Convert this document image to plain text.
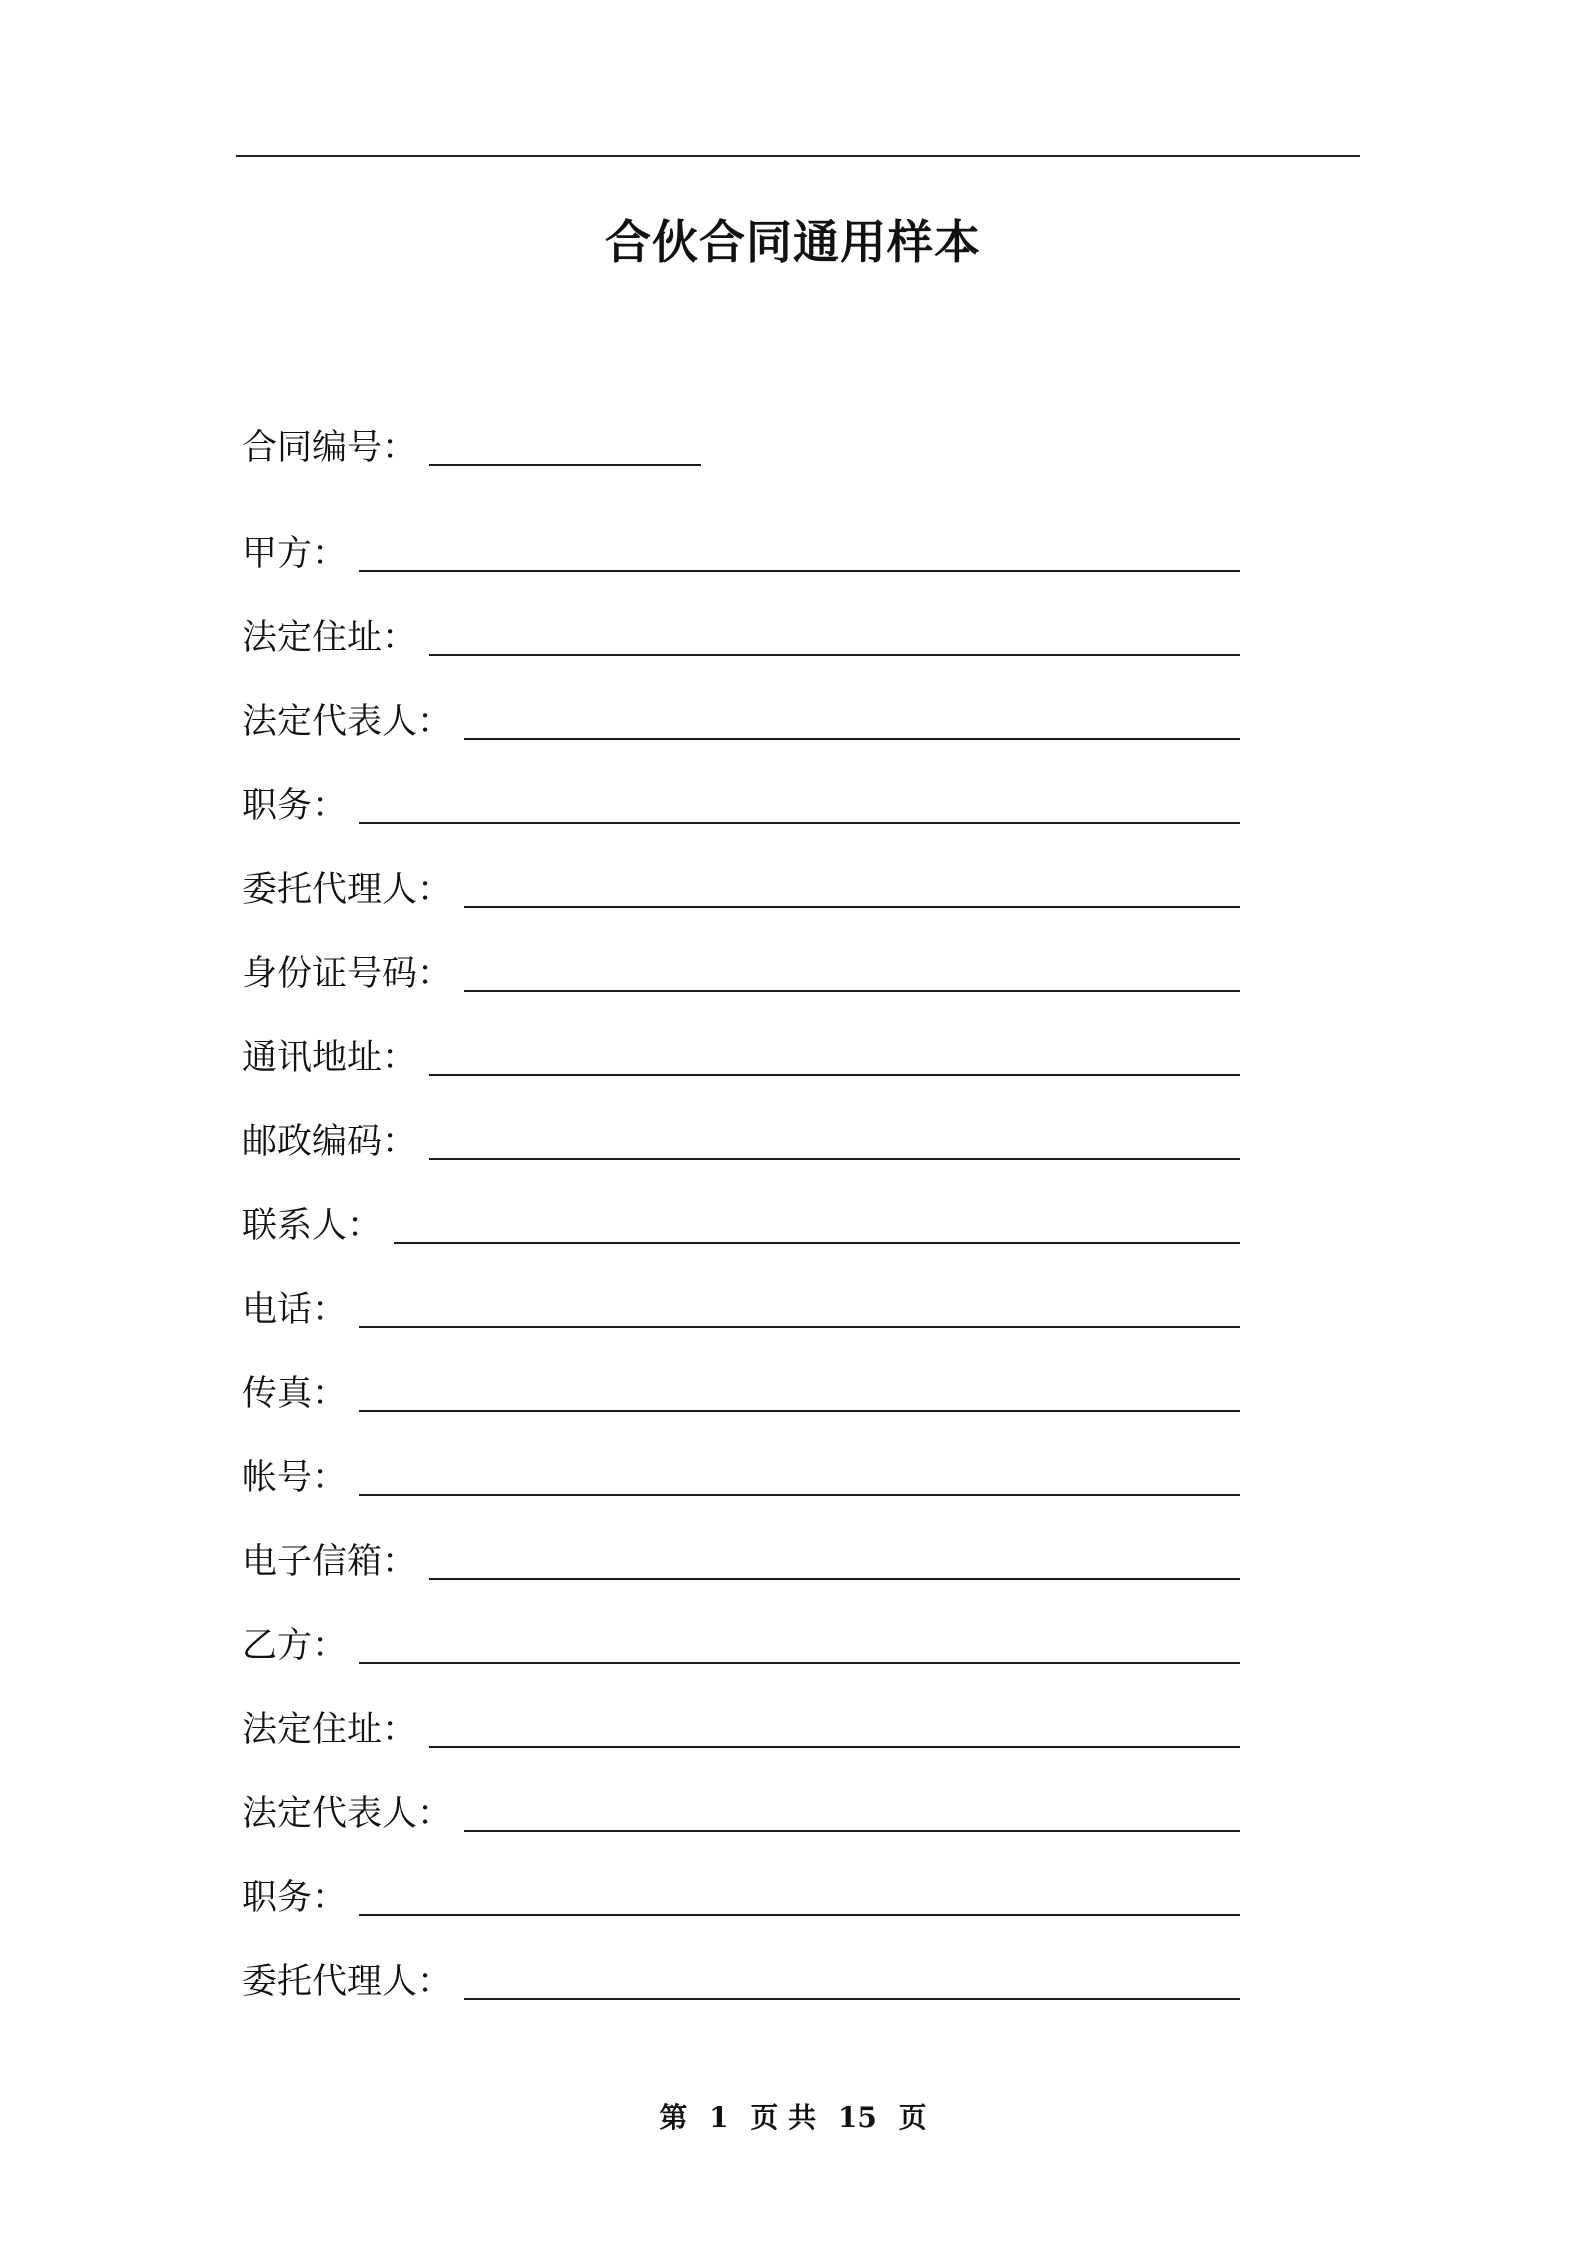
合伙合同通用样本
合同编号：
甲方：
法定住址：
法定代表人：
职务：
委托代理人：
身份证号码：
通讯地址：
邮政编码：
联系人：
电话：
传真：
帐号：
电子信箱：
乙方：
法定住址：
法定代表人：
职务：
委托代理人：
第 1 页 共 15 页
